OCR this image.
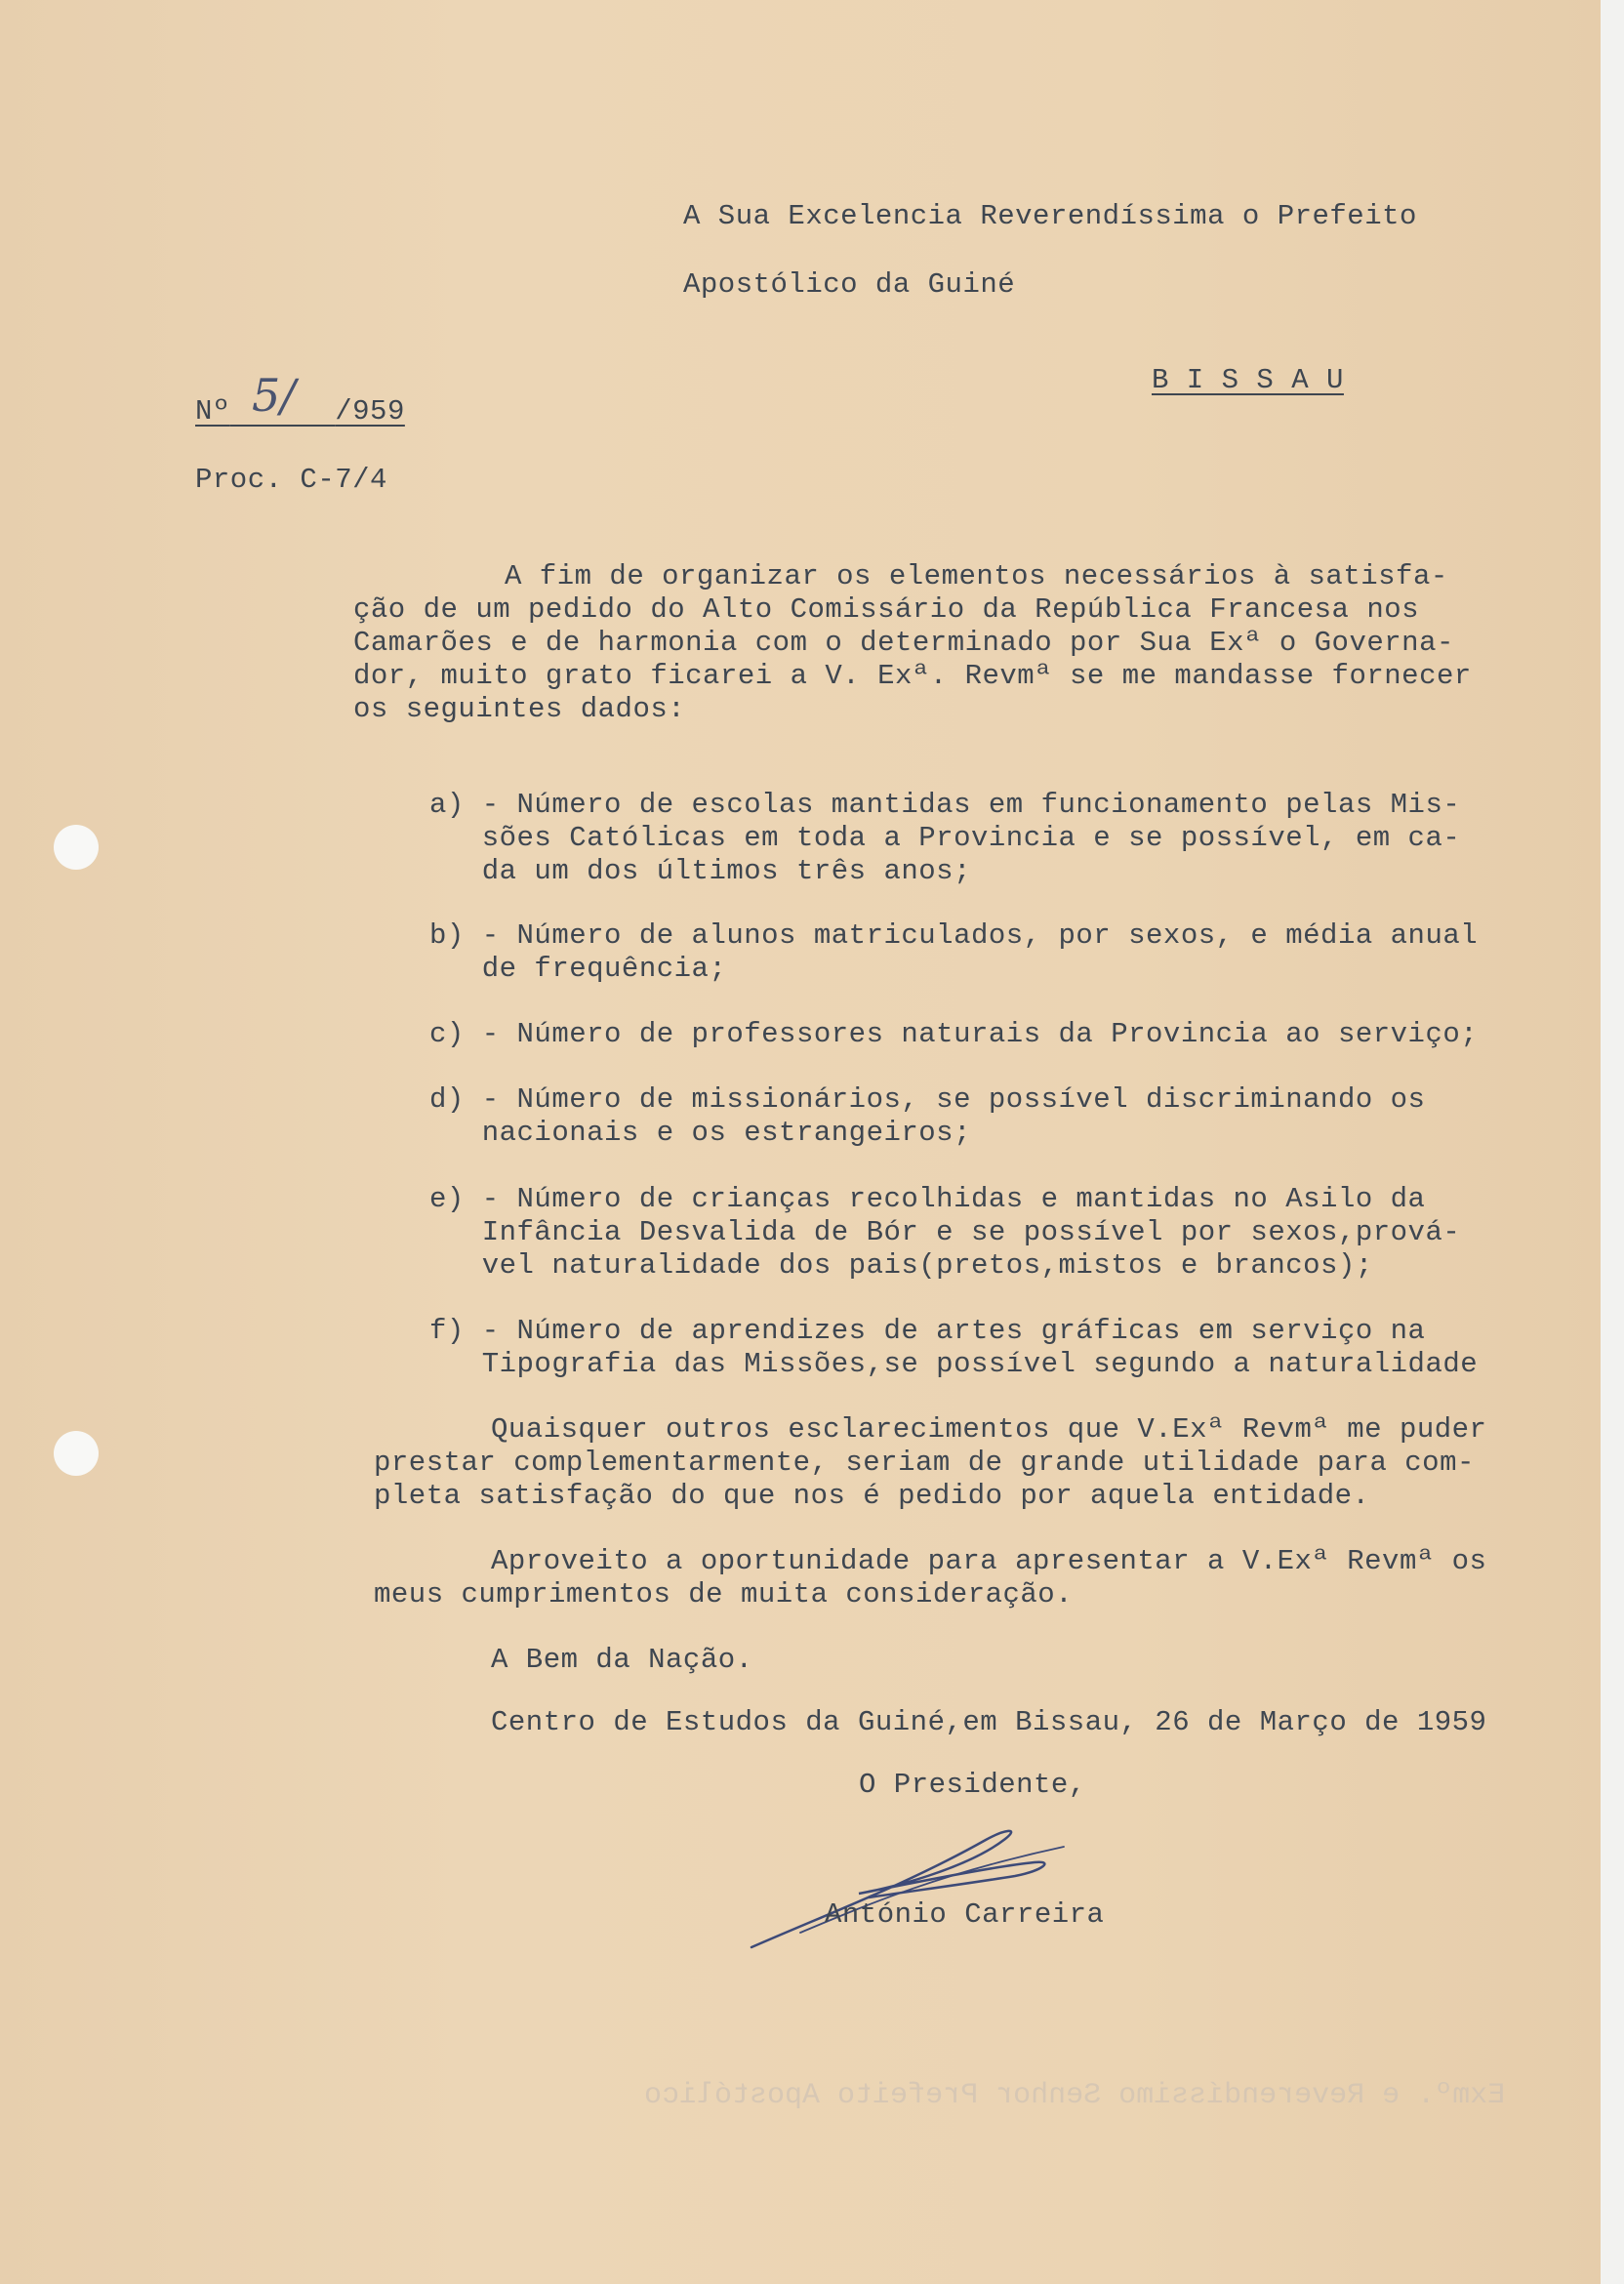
A Sua Excelencia Reverendíssima o Prefeito
Apostólico da Guiné
B I S S A U
Nº	/959
5/
Proc. C-7/4
A fim de organizar os elementos necessários à satisfa-
ção de um pedido do Alto Comissário da República Francesa nos
Camarões e de harmonia com o determinado por Sua Exª o Governa-
dor, muito grato ficarei a V. Exª. Revmª se me mandasse fornecer
os seguintes dados:
a) - Número de escolas mantidas em funcionamento pelas Mis-
sões Católicas em toda a Provincia e se possível, em ca-
da um dos últimos três anos;
b) - Número de alunos matriculados, por sexos, e média anual
de frequência;
c) - Número de professores naturais da Provincia ao serviço;
d) - Número de missionários, se possível discriminando os
nacionais e os estrangeiros;
e) - Número de crianças recolhidas e mantidas no Asilo da
Infância Desvalida de Bór e se possível por sexos,prová-
vel naturalidade dos pais(pretos,mistos e brancos);
f) - Número de aprendizes de artes gráficas em serviço na
Tipografia das Missões,se possível segundo a naturalidade
Quaisquer outros esclarecimentos que V.Exª Revmª me puder
prestar complementarmente, seriam de grande utilidade para com-
pleta satisfação do que nos é pedido por aquela entidade.
Aproveito a oportunidade para apresentar a V.Exª Revmª os
meus cumprimentos de muita consideração.
A Bem da Nação.
Centro de Estudos da Guiné,em Bissau, 26 de Março de 1959
O Presidente,
António Carreira
Exmº. e Reverendíssimo Senhor Prefeito Apostólico
